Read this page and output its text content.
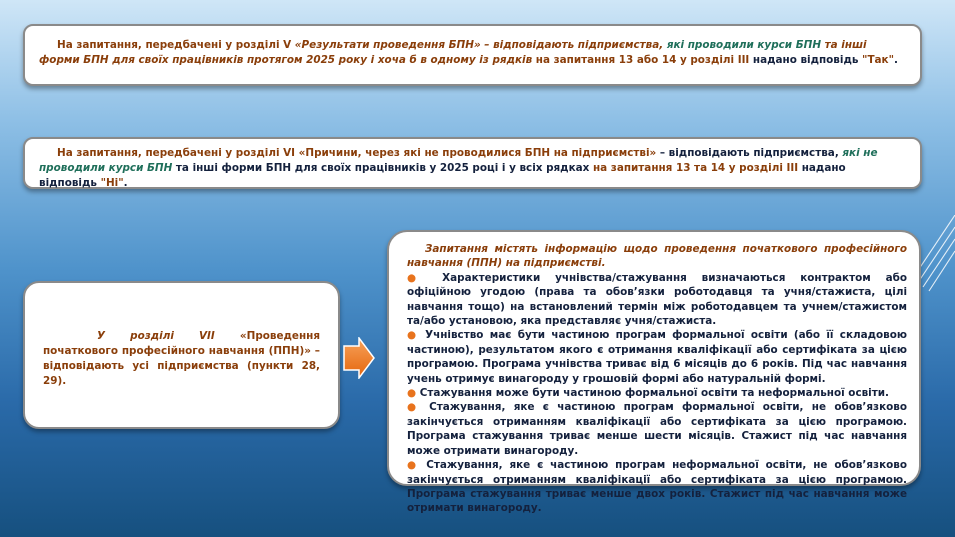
На запитання, передбачені у розділі V «Результати проведення БПН» – відповідають підприємства, які проводили курси БПН та інші форми БПН для своїх працівників протягом 2025 року і хоча б в одному із рядків на запитання 13 або 14 у розділі ІІІ надано відповідь "Так".
На запитання, передбачені у розділі VІ «Причини, через які не проводилися БПН на підприємстві» – відповідають підприємства, які не проводили курси БПН та інші форми БПН для своїх працівників у 2025 році і у всіх рядках на запитання 13 та 14 у розділі ІІІ надано відповідь "Ні".
У розділі VII «Проведення початкового професійного навчання (ППН)» – відповідають усі підприємства (пункти 28, 29).
Запитання містять інформацію щодо проведення початкового професійного навчання (ППН) на підприємстві.
● Характеристики учнівства/стажування визначаються контрактом або офіційною угодою (права та обов’язки роботодавця та учня/стажиста, цілі навчання тощо) на встановлений термін між роботодавцем та учнем/стажистом та/або установою, яка представляє учня/стажиста.
● Учнівство має бути частиною програм формальної освіти (або її складовою частиною), результатом якого є отримання кваліфікації або сертифіката за цією програмою. Програма учнівства триває від 6 місяців до 6 років. Під час навчання учень отримує винагороду у грошовій формі або натуральній формі.
● Стажування може бути частиною формальної освіти та неформальної освіти.
● Стажування, яке є частиною програм формальної освіти, не обов’язково закінчується отриманням кваліфікації або сертифіката за цією програмою. Програма стажування триває менше шести місяців. Стажист під час навчання може отримати винагороду.
● Стажування, яке є частиною програм неформальної освіти, не обов’язково закінчується отриманням кваліфікації або сертифіката за цією програмою. Програма стажування триває менше двох років. Стажист під час навчання може отримати винагороду.
